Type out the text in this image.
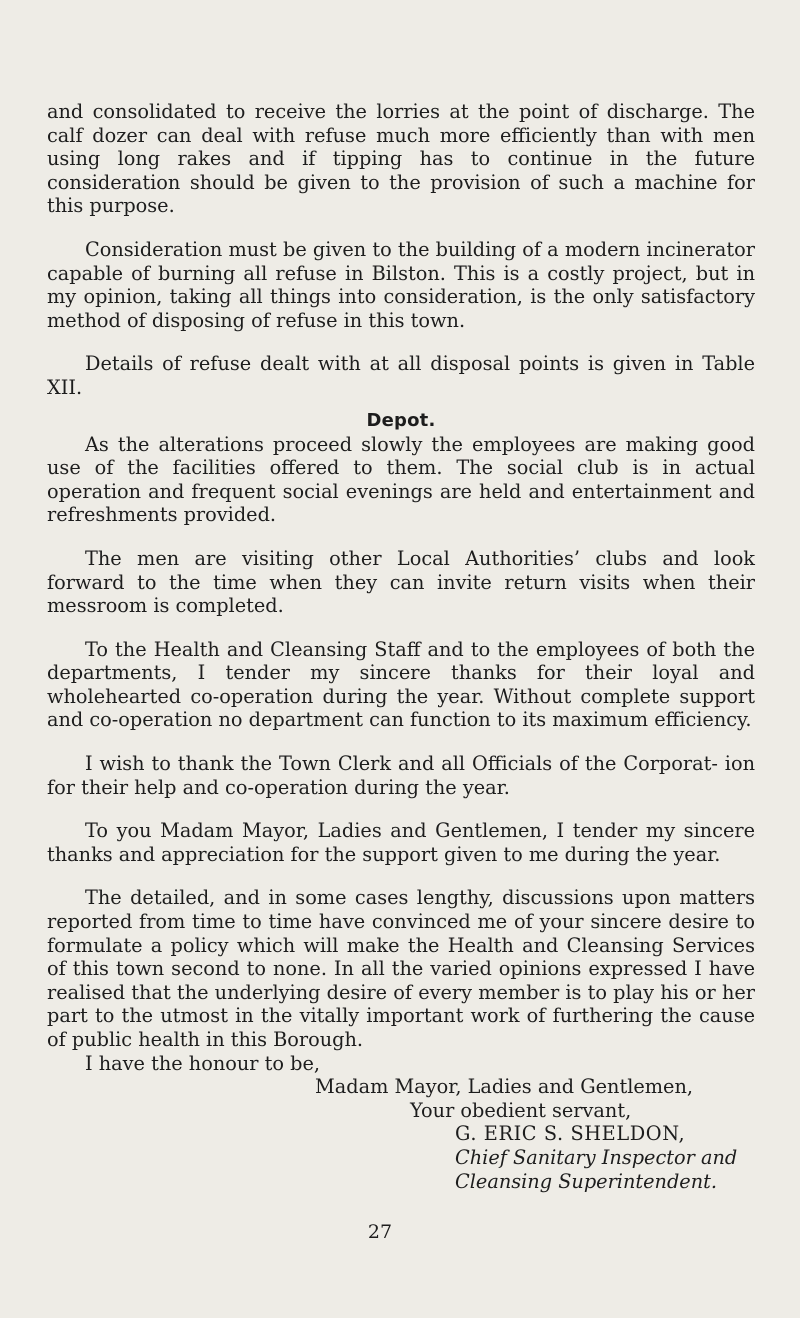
and consolidated to receive the lorries at the point of discharge. The calf dozer can deal with refuse much more efficiently than with men using long rakes and if tipping has to continue in the future consideration should be given to the provision of such a machine for this purpose.

Consideration must be given to the building of a modern incinerator capable of burning all refuse in Bilston. This is a costly project, but in my opinion, taking all things into consideration, is the only satisfactory method of disposing of refuse in this town.

Details of refuse dealt with at all disposal points is given in Table XII.

Depot.

As the alterations proceed slowly the employees are making good use of the facilities offered to them. The social club is in actual operation and frequent social evenings are held and entertainment and refreshments provided.

The men are visiting other Local Authorities’ clubs and look forward to the time when they can invite return visits when their messroom is completed.

To the Health and Cleansing Staff and to the employees of both the departments, I tender my sincere thanks for their loyal and wholehearted co-operation during the year. Without complete support and co-operation no department can function to its maximum efficiency.

I wish to thank the Town Clerk and all Officials of the Corporat- ion for their help and co-operation during the year.

To you Madam Mayor, Ladies and Gentlemen, I tender my sincere thanks and appreciation for the support given to me during the year.

The detailed, and in some cases lengthy, discussions upon matters reported from time to time have convinced me of your sincere desire to formulate a policy which will make the Health and Cleansing Services of this town second to none. In all the varied opinions expressed I have realised that the underlying desire of every member is to play his or her part to the utmost in the vitally important work of furthering the cause of public health in this Borough.

I have the honour to be,
Madam Mayor, Ladies and Gentlemen,
Your obedient servant,
G. ERIC S. SHELDON,
Chief Sanitary Inspector and
Cleansing Superintendent.
27
